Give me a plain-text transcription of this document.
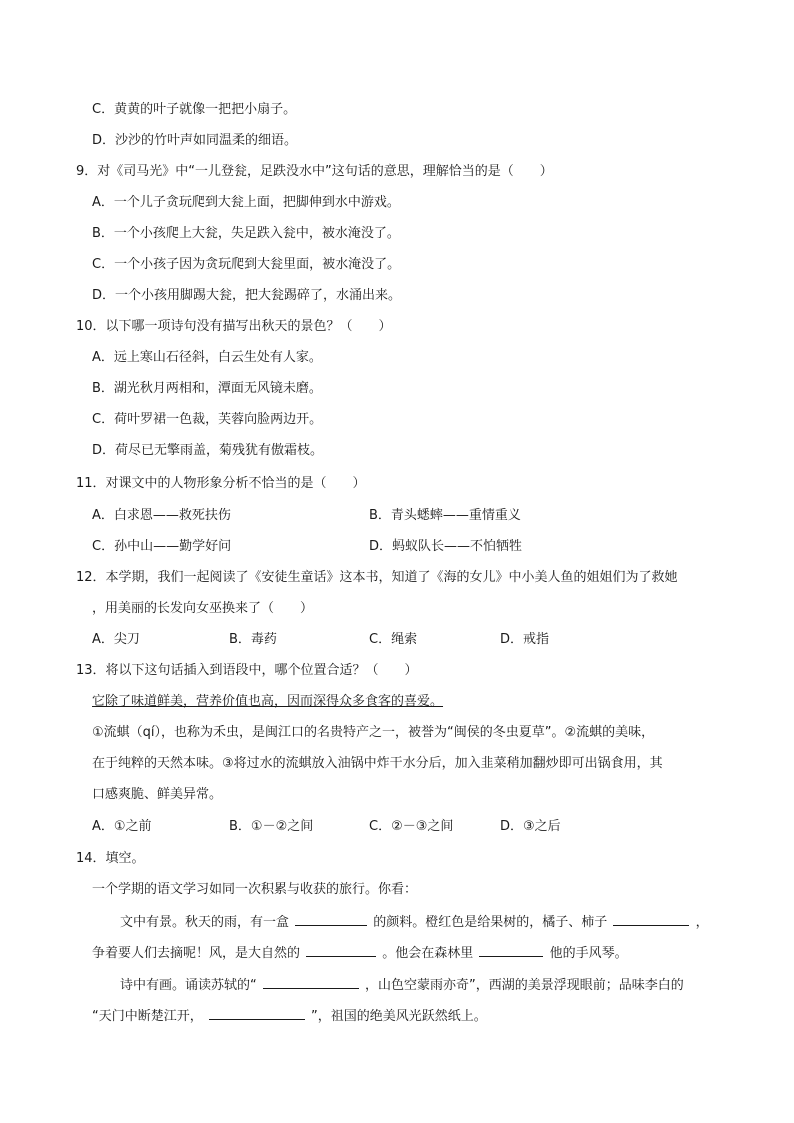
C．黄黄的叶子就像一把把小扇子。
D．沙沙的竹叶声如同温柔的细语。
9．对《司马光》中“一儿登瓮，足跌没水中”这句话的意思，理解恰当的是（　　）
A．一个儿子贪玩爬到大瓮上面，把脚伸到水中游戏。
B．一个小孩爬上大瓮，失足跌入瓮中，被水淹没了。
C．一个小孩子因为贪玩爬到大瓮里面，被水淹没了。
D．一个小孩用脚踢大瓮，把大瓮踢碎了，水涌出来。
10．以下哪一项诗句没有描写出秋天的景色？（　　）
A．远上寒山石径斜，白云生处有人家。
B．湖光秋月两相和，潭面无风镜未磨。
C．荷叶罗裙一色裁，芙蓉向脸两边开。
D．荷尽已无擎雨盖，菊残犹有傲霜枝。
11．对课文中的人物形象分析不恰当的是（　　）
A．白求恩——救死扶伤	B．青头蟋蟀——重情重义
C．孙中山——勤学好问	D．蚂蚁队长——不怕牺牲
12．本学期，我们一起阅读了《安徒生童话》这本书，知道了《海的女儿》中小美人鱼的姐姐们为了救她
，用美丽的长发向女巫换来了（　　）
A．尖刀	B．毒药	C．绳索	D．戒指
13．将以下这句话插入到语段中，哪个位置合适？（　　）
它除了味道鲜美，营养价值也高，因而深得众多食客的喜爱。
①流蜞（qí），也称为禾虫，是闽江口的名贵特产之一，被誉为“闽侯的冬虫夏草”。②流蜞的美味，
在于纯粹的天然本味。③将过水的流蜞放入油锅中炸干水分后，加入韭菜稍加翻炒即可出锅食用，其
口感爽脆、鲜美异常。
A．①之前	B．①－②之间	C．②－③之间	D．③之后
14．填空。
一个学期的语文学习如同一次积累与收获的旅行。你看：
文中有景。秋天的雨，有一盒	的颜料。橙红色是给果树的，橘子、柿子	，
争着要人们去摘呢！风，是大自然的	。他会在森林里	他的手风琴。
诗中有画。诵读苏轼的“	，山色空蒙雨亦奇”，西湖的美景浮现眼前；品味李白的
“天门中断楚江开，	”，祖国的绝美风光跃然纸上。
